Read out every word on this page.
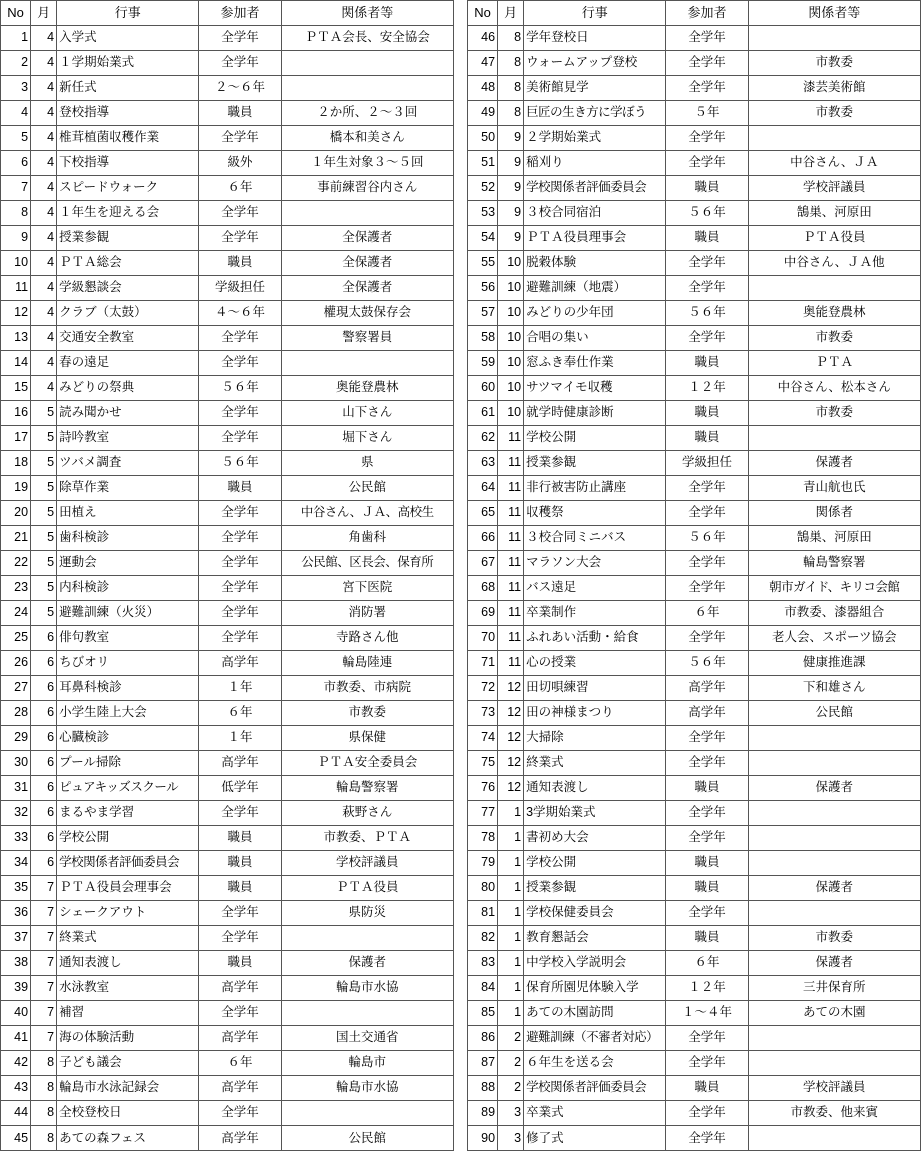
No	月	行事	参加者	関係者等
1	4	入学式	全学年	ＰＴＡ会長、安全協会
2	4	１学期始業式	全学年	
3	4	新任式	２～６年	
4	4	登校指導	職員	２か所、２～３回
5	4	椎茸植菌収穫作業	全学年	橋本和美さん
6	4	下校指導	級外	１年生対象３～５回
7	4	スピードウォーク	６年	事前練習谷内さん
8	4	１年生を迎える会	全学年	
9	4	授業参観	全学年	全保護者
10	4	ＰＴＡ総会	職員	全保護者
11	4	学級懇談会	学級担任	全保護者
12	4	クラブ（太鼓）	４～６年	權現太鼓保存会
13	4	交通安全教室	全学年	警察署員
14	4	春の遠足	全学年	
15	4	みどりの祭典	５６年	奥能登農林
16	5	読み聞かせ	全学年	山下さん
17	5	詩吟教室	全学年	堀下さん
18	5	ツバメ調査	５６年	県
19	5	除草作業	職員	公民館
20	5	田植え	全学年	中谷さん、ＪＡ、高校生
21	5	歯科検診	全学年	角歯科
22	5	運動会	全学年	公民館、区長会、保育所
23	5	内科検診	全学年	宮下医院
24	5	避難訓練（火災）	全学年	消防署
25	6	俳句教室	全学年	寺路さん他
26	6	ちびオリ	高学年	輪島陸連
27	6	耳鼻科検診	１年	市教委、市病院
28	6	小学生陸上大会	６年	市教委
29	6	心臓検診	１年	県保健
30	6	プール掃除	高学年	ＰＴＡ安全委員会
31	6	ピュアキッズスクール	低学年	輪島警察署
32	6	まるやま学習	全学年	萩野さん
33	6	学校公開	職員	市教委、ＰＴＡ
34	6	学校関係者評価委員会	職員	学校評議員
35	7	ＰＴＡ役員会理事会	職員	ＰＴＡ役員
36	7	シェークアウト	全学年	県防災
37	7	終業式	全学年	
38	7	通知表渡し	職員	保護者
39	7	水泳教室	高学年	輪島市水協
40	7	補習	全学年	
41	7	海の体験活動	高学年	国土交通省
42	8	子ども議会	６年	輪島市
43	8	輪島市水泳記録会	高学年	輪島市水協
44	8	全校登校日	全学年	
45	8	あての森フェス	高学年	公民館
No	月	行事	参加者	関係者等
46	8	学年登校日	全学年	
47	8	ウォームアップ登校	全学年	市教委
48	8	美術館見学	全学年	漆芸美術館
49	8	巨匠の生き方に学ぼう	５年	市教委
50	9	２学期始業式	全学年	
51	9	稲刈り	全学年	中谷さん、ＪＡ
52	9	学校関係者評価委員会	職員	学校評議員
53	9	３校合同宿泊	５６年	鵠巣、河原田
54	9	ＰＴＡ役員理事会	職員	ＰＴＡ役員
55	10	脱穀体験	全学年	中谷さん、ＪＡ他
56	10	避難訓練（地震）	全学年	
57	10	みどりの少年団	５６年	奥能登農林
58	10	合唱の集い	全学年	市教委
59	10	窓ふき奉仕作業	職員	ＰＴＡ
60	10	サツマイモ収穫	１２年	中谷さん、松本さん
61	10	就学時健康診断	職員	市教委
62	11	学校公開	職員	
63	11	授業参観	学級担任	保護者
64	11	非行被害防止講座	全学年	青山航也氏
65	11	収穫祭	全学年	関係者
66	11	３校合同ミニバス	５６年	鵠巣、河原田
67	11	マラソン大会	全学年	輪島警察署
68	11	バス遠足	全学年	朝市ガイド、キリコ会館
69	11	卒業制作	６年	市教委、漆器組合
70	11	ふれあい活動・給食	全学年	老人会、スポーツ協会
71	11	心の授業	５６年	健康推進課
72	12	田切唄練習	高学年	下和雄さん
73	12	田の神様まつり	高学年	公民館
74	12	大掃除	全学年	
75	12	終業式	全学年	
76	12	通知表渡し	職員	保護者
77	1	3学期始業式	全学年	
78	1	書初め大会	全学年	
79	1	学校公開	職員	
80	1	授業参観	職員	保護者
81	1	学校保健委員会	全学年	
82	1	教育懇話会	職員	市教委
83	1	中学校入学説明会	６年	保護者
84	1	保育所園児体験入学	１２年	三井保育所
85	1	あての木園訪問	１～４年	あての木園
86	2	避難訓練（不審者対応）	全学年	
87	2	６年生を送る会	全学年	
88	2	学校関係者評価委員会	職員	学校評議員
89	3	卒業式	全学年	市教委、他来賓
90	3	修了式	全学年	
